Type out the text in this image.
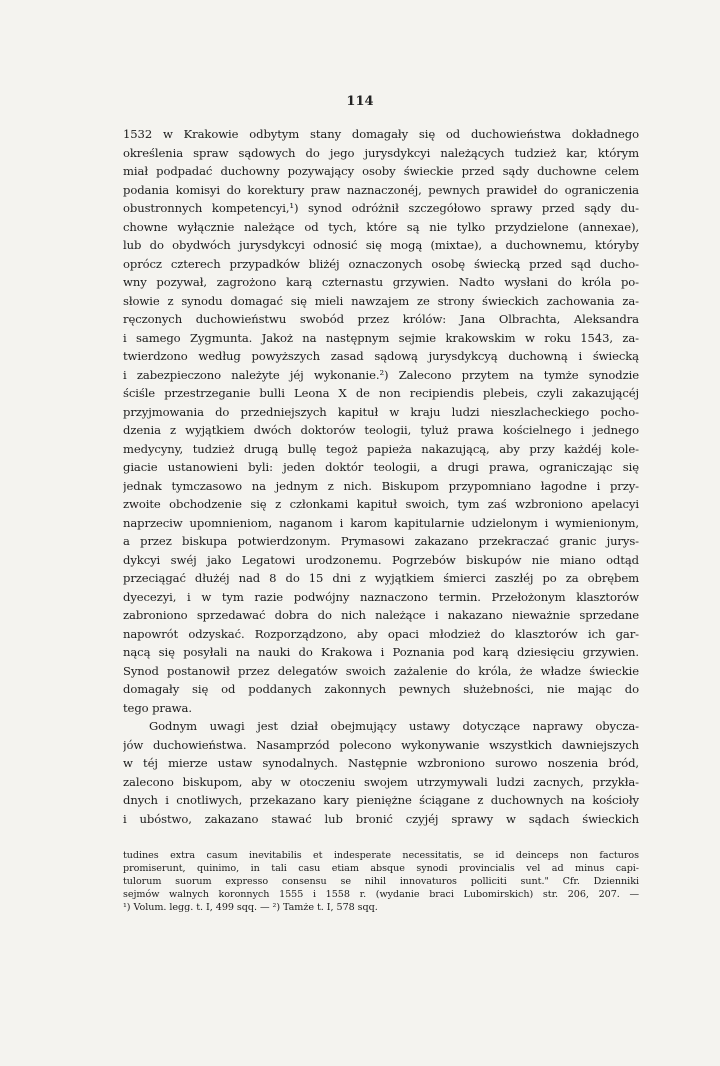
114
1532 w Krakowie odbytym stany domagały się od duchowieństwa dokładnego
określenia spraw sądowych do jego jurysdykcyi należących tudzież kar, którym
miał podpadać duchowny pozywający osoby świeckie przed sądy duchowne celem
podania komisyi do korektury praw naznaczonéj, pewnych prawideł do ograniczenia
obustronnych kompetencyi,¹) synod odróżnił szczegółowo sprawy przed sądy du-
chowne wyłącznie należące od tych, które są nie tylko przydzielone (annexae),
lub do obydwóch jurysdykcyi odnosić się mogą (mixtae), a duchownemu, któryby
oprócz czterech przypadków bliżéj oznaczonych osobę świecką przed sąd ducho-
wny pozywał, zagrożono karą czternastu grzywien. Nadto wysłani do króla po-
słowie z synodu domagać się mieli nawzajem ze strony świeckich zachowania za-
ręczonych duchowieństwu swobód przez królów: Jana Olbrachta, Aleksandra
i samego Zygmunta. Jakoż na następnym sejmie krakowskim w roku 1543, za-
twierdzono według powyższych zasad sądową jurysdykcyą duchowną i świecką
i zabezpieczono należyte jéj wykonanie.²) Zalecono przytem na tymże synodzie
ściśle przestrzeganie bulli Leona X de non recipiendis plebeis, czyli zakazującéj
przyjmowania do przedniejszych kapituł w kraju ludzi nieszlacheckiego pocho-
dzenia z wyjątkiem dwóch doktorów teologii, tyluż prawa kościelnego i jednego
medycyny, tudzież drugą bullę tegoż papieża nakazującą, aby przy każdéj kole-
giacie ustanowieni byli: jeden doktór teologii, a drugi prawa, ograniczając się
jednak tymczasowo na jednym z nich. Biskupom przypomniano łagodne i przy-
zwoite obchodzenie się z członkami kapituł swoich, tym zaś wzbroniono apelacyi
naprzeciw upomnieniom, naganom i karom kapitularnie udzielonym i wymienionym,
a przez biskupa potwierdzonym. Prymasowi zakazano przekraczać granic jurys-
dykcyi swéj jako Legatowi urodzonemu. Pogrzebów biskupów nie miano odtąd
przeciągać dłużéj nad 8 do 15 dni z wyjątkiem śmierci zaszłéj po za obrębem
dyecezyi, i w tym razie podwójny naznaczono termin. Przełożonym klasztorów
zabroniono sprzedawać dobra do nich należące i nakazano nieważnie sprzedane
napowrót odzyskać. Rozporządzono, aby opaci młodzież do klasztorów ich gar-
nącą się posyłali na nauki do Krakowa i Poznania pod karą dziesięciu grzywien.
Synod postanowił przez delegatów swoich zażalenie do króla, że władze świeckie
domagały się od poddanych zakonnych pewnych służebności, nie mając do
tego prawa.
Godnym uwagi jest dział obejmujący ustawy dotyczące naprawy obycza-
jów duchowieństwa. Nasamprzód polecono wykonywanie wszystkich dawniejszych
w téj mierze ustaw synodalnych. Następnie wzbroniono surowo noszenia bród,
zalecono biskupom, aby w otoczeniu swojem utrzymywali ludzi zacnych, przykła-
dnych i cnotliwych, przekazano kary pieniężne ściągane z duchownych na kościoły
i ubóstwo, zakazano stawać lub bronić czyjéj sprawy w sądach świeckich
tudines extra casum inevitabilis et indesperate necessitatis, se id deinceps non facturos
promiserunt, quinimo, in tali casu etiam absque synodi provincialis vel ad minus capi-
tulorum suorum expresso consensu se nihil innovaturos polliciti sunt." Cfr. Dzienniki
sejmów walnych koronnych 1555 i 1558 r. (wydanie braci Lubomirskich) str. 206, 207. —
¹) Volum. legg. t. I, 499 sqq. — ²) Tamże t. I, 578 sqq.
